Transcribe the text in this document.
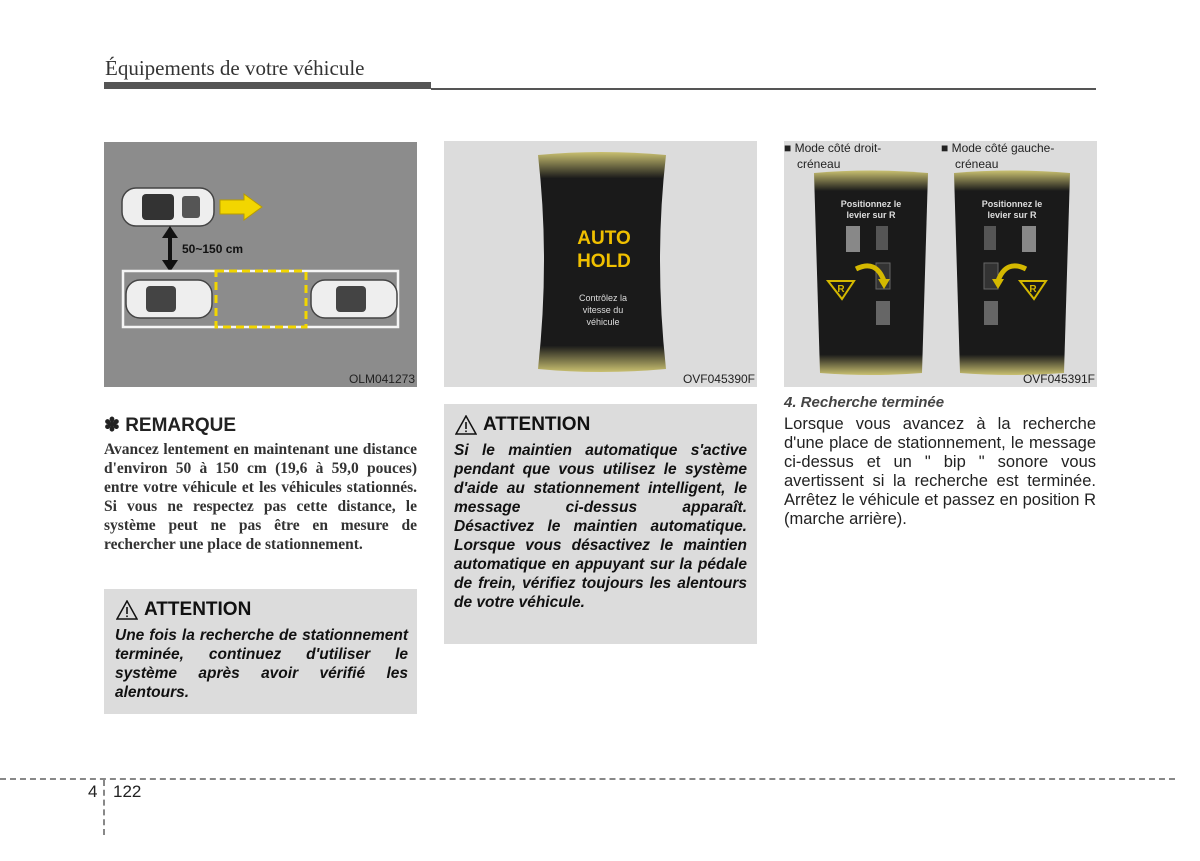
Équipements de votre véhicule
50~150 cm
OLM041273
AUTO
HOLD
Contrôlez la
vitesse du
véhicule
OVF045390F
■ Mode côté droit-
créneau
■ Mode côté gauche-
créneau
Positionnez le
levier sur R
R
Positionnez le
levier sur R
R
OVF045391F
✽ REMARQUE
Avancez lentement en maintenant une distance d'environ 50 à 150 cm (19,6 à 59,0 pouces) entre votre véhicule et les véhicules stationnés. Si vous ne respectez pas cette distance, le système peut ne pas être en mesure de rechercher une place de stationnement.
ATTENTION
Une fois la recherche de stationnement terminée, continuez d'utiliser le système après avoir vérifié les alentours.
ATTENTION
Si le maintien automatique s'active pendant que vous utilisez le système d'aide au stationnement intelligent, le message ci-dessus apparaît. Désactivez le maintien automatique. Lorsque vous désactivez le maintien automatique en appuyant sur la pédale de frein, vérifiez toujours les alentours de votre véhicule.
4. Recherche terminée
Lorsque vous avancez à la recherche d'une place de stationnement, le message ci-dessus et un " bip " sonore vous avertissent si la recherche est terminée. Arrêtez le véhicule et passez en position R (marche arrière).
4 122
